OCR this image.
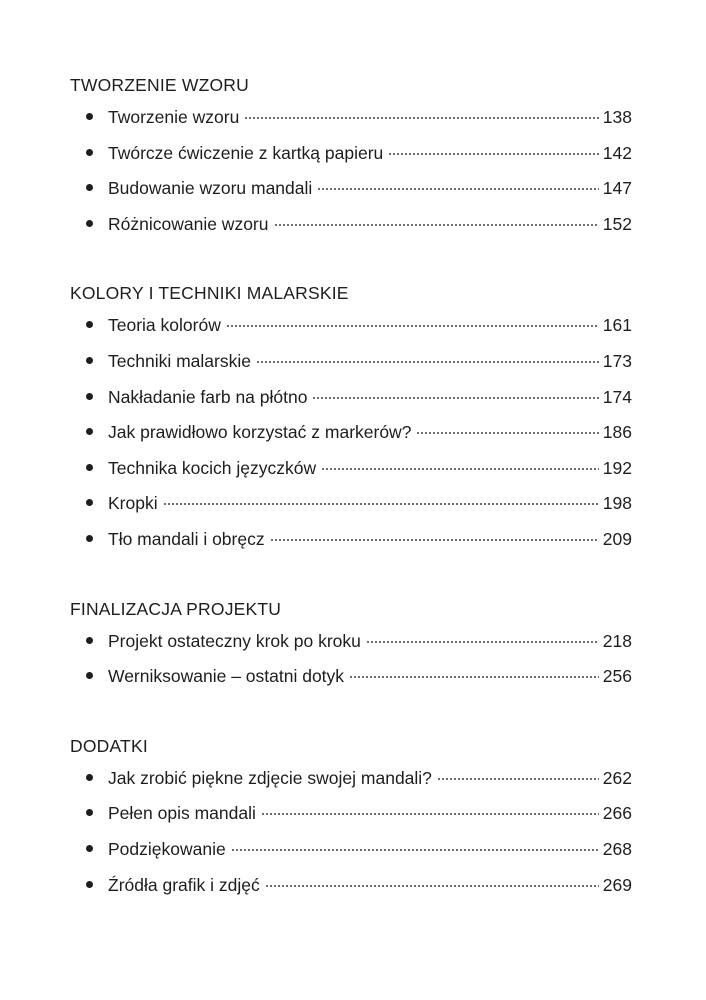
TWORZENIE WZORU
Tworzenie wzoru	138
Twórcze ćwiczenie z kartką papieru	142
Budowanie wzoru mandali	147
Różnicowanie wzoru	152
KOLORY I TECHNIKI MALARSKIE
Teoria kolorów	161
Techniki malarskie	173
Nakładanie farb na płótno	174
Jak prawidłowo korzystać z markerów?	186
Technika kocich języczków	192
Kropki	198
Tło mandali i obręcz	209
FINALIZACJA PROJEKTU
Projekt ostateczny krok po kroku	218
Werniksowanie – ostatni dotyk	256
DODATKI
Jak zrobić piękne zdjęcie swojej mandali?	262
Pełen opis mandali	266
Podziękowanie	268
Źródła grafik i zdjęć	269
